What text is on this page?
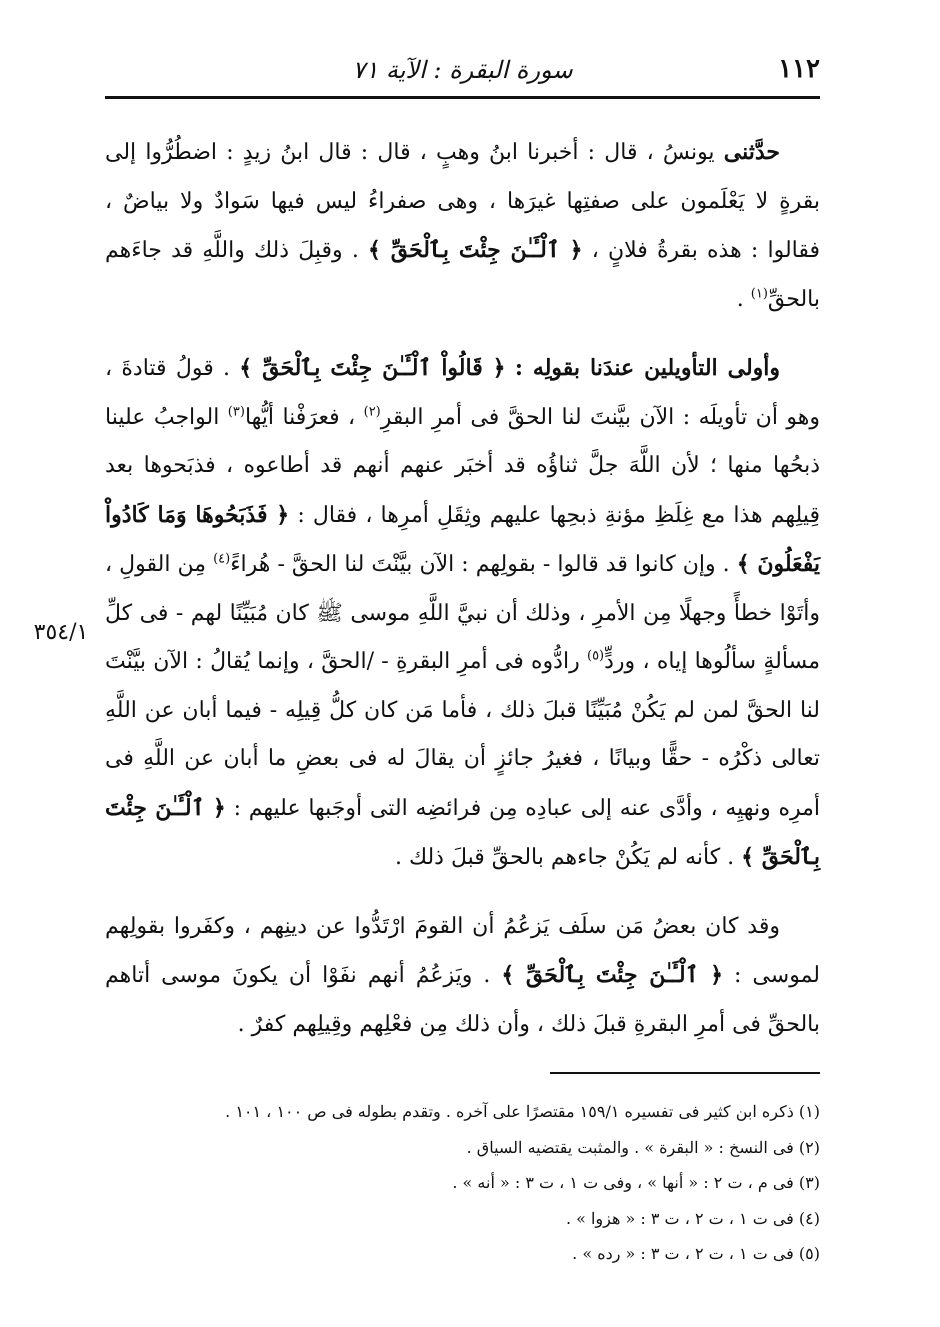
١١٢
سورة البقرة : الآية ٧١
٣٥٤/١

حدَّثنى يونسُ ، قال : أخبرنا ابنُ وهبٍ ، قال : قال ابنُ زيدٍ : اضطُرُّوا إلى بقرةٍ لا يَعْلَمون على صفتِها غيرَها ، وهى صفراءُ ليس فيها سَوادٌ ولا بياضٌ ، فقالوا : هذه بقرةُ فلانٍ ، ﴿ ٱلْـَٔـٰنَ جِئْتَ بِٱلْحَقِّ ﴾ . وقبِلَ ذلك واللَّهِ قد جاءَهم بالحقِّ$^{(١)}$ .

وأولى التأويلين عندَنا بقولِه : ﴿ قَالُواْ ٱلْـَٔـٰنَ جِئْتَ بِٱلْحَقِّ ﴾ . قولُ قتادةَ ، وهو أن تأويلَه : الآن بيَّنتَ لنا الحقَّ فى أمرِ البقرِ$^{(٢)}$ ، فعرَفْنا أيُّها$^{(٣)}$ الواجبُ علينا ذبحُها منها ؛ لأن اللَّهَ جلَّ ثناؤُه قد أخبَر عنهم أنهم قد أطاعوه ، فذبَحوها بعد قِيلِهم هذا مع غِلَظِ مؤنةِ ذبحِها عليهم وثِقَلِ أمرِها ، فقال : ﴿ فَذَبَحُوهَا وَمَا كَادُواْ يَفْعَلُونَ ﴾ . وإن كانوا قد قالوا - بقولِهم : الآن بيَّنْتَ لنا الحقَّ - هُراءً$^{(٤)}$ مِن القولِ ، وأتَوْا خطأً وجهلًا مِن الأمرِ ، وذلك أن نبيَّ اللَّهِ موسى ﷺ كان مُبَيِّنًا لهم - فى كلِّ مسألةٍ سألُوها إياه ، وردٍّ$^{(٥)}$ رادُّوه فى أمرِ البقرةِ - /الحقَّ ، وإنما يُقالُ : الآن بيَّنْتَ لنا الحقَّ لمن لم يَكُنْ مُبَيِّنًا قبلَ ذلك ، فأما مَن كان كلُّ قِيلِه - فيما أبان عن اللَّهِ تعالى ذكْرُه - حقًّا وبيانًا ، فغيرُ جائزٍ أن يقالَ له فى بعضِ ما أبان عن اللَّهِ فى أمرِه ونهيِه ، وأدَّى عنه إلى عبادِه مِن فرائضِه التى أوجَبها عليهم : ﴿ ٱلْـَٔـٰنَ جِئْتَ بِٱلْحَقِّ ﴾ . كأنه لم يَكُنْ جاءهم بالحقِّ قبلَ ذلك .

وقد كان بعضُ مَن سلَف يَزعُمُ أن القومَ ارْتَدُّوا عن دينِهم ، وكفَروا بقولِهم لموسى : ﴿ ٱلْـَٔـٰنَ جِئْتَ بِٱلْحَقِّ ﴾ . ويَزعُمُ أنهم نفَوْا أن يكونَ موسى أتاهم بالحقِّ فى أمرِ البقرةِ قبلَ ذلك ، وأن ذلك مِن فعْلِهم وقِيلِهم كفرٌ .

(١) ذكره ابن كثير فى تفسيره ١٥٩/١ مقتصرًا على آخره . وتقدم بطوله فى ص ١٠٠ ، ١٠١ .

(٢) فى النسخ : « البقرة » . والمثبت يقتضيه السياق .

(٣) فى م ، ت ٢ : « أنها » ، وفى ت ١ ، ت ٣ : « أنه » .

(٤) فى ت ١ ، ت ٢ ، ت ٣ : « هزوا » .

(٥) فى ت ١ ، ت ٢ ، ت ٣ : « رده » .
